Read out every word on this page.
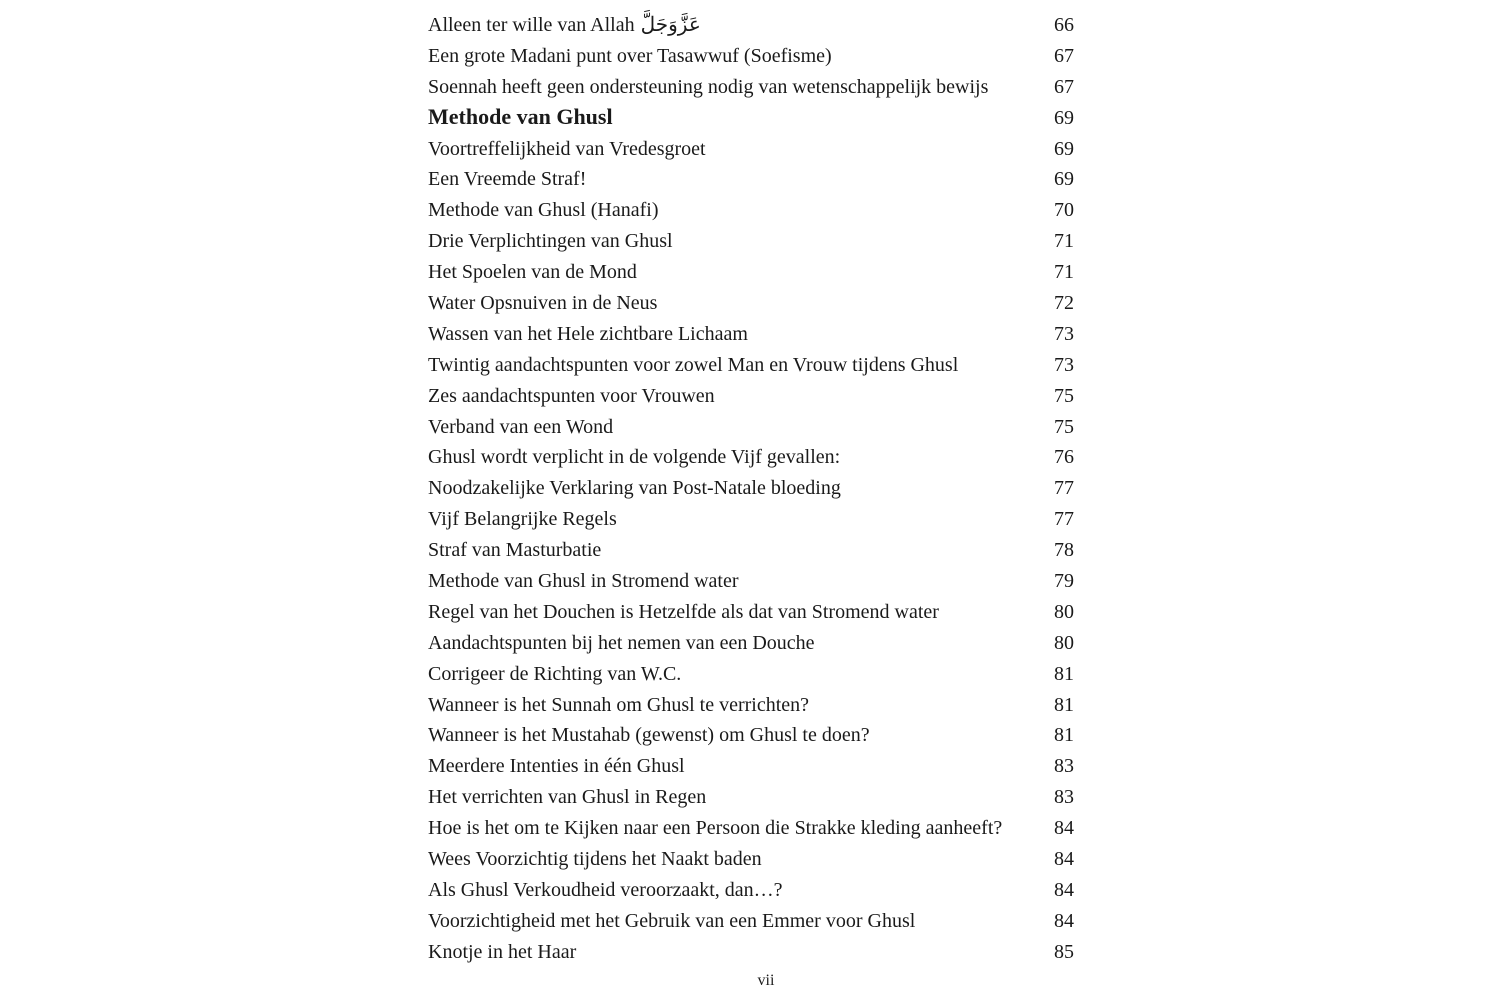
Alleen ter wille van Allah عَزَّوَجَلَّ	66
Een grote Madani punt over Tasawwuf (Soefisme)	67
Soennah heeft geen ondersteuning nodig van wetenschappelijk bewijs	67
Methode van Ghusl	69
Voortreffelijkheid van Vredesgroet	69
Een Vreemde Straf!	69
Methode van Ghusl (Hanafi)	70
Drie Verplichtingen van Ghusl	71
Het Spoelen van de Mond	71
Water Opsnuiven in de Neus	72
Wassen van het Hele zichtbare Lichaam	73
Twintig aandachtspunten voor zowel Man en Vrouw tijdens Ghusl	73
Zes aandachtspunten voor Vrouwen	75
Verband van een Wond	75
Ghusl wordt verplicht in de volgende Vijf gevallen:	76
Noodzakelijke Verklaring van Post-Natale bloeding	77
Vijf Belangrijke Regels	77
Straf van Masturbatie	78
Methode van Ghusl in Stromend water	79
Regel van het Douchen is Hetzelfde als dat van Stromend water	80
Aandachtspunten bij het nemen van een Douche	80
Corrigeer de Richting van W.C.	81
Wanneer is het Sunnah om Ghusl te verrichten?	81
Wanneer is het Mustahab (gewenst) om Ghusl te doen?	81
Meerdere Intenties in één Ghusl	83
Het verrichten van Ghusl in Regen	83
Hoe is het om te Kijken naar een Persoon die Strakke kleding aanheeft?	84
Wees Voorzichtig tijdens het Naakt baden	84
Als Ghusl Verkoudheid veroorzaakt, dan…?	84
Voorzichtigheid met het Gebruik van een Emmer voor Ghusl	84
Knotje in het Haar	85
vii
